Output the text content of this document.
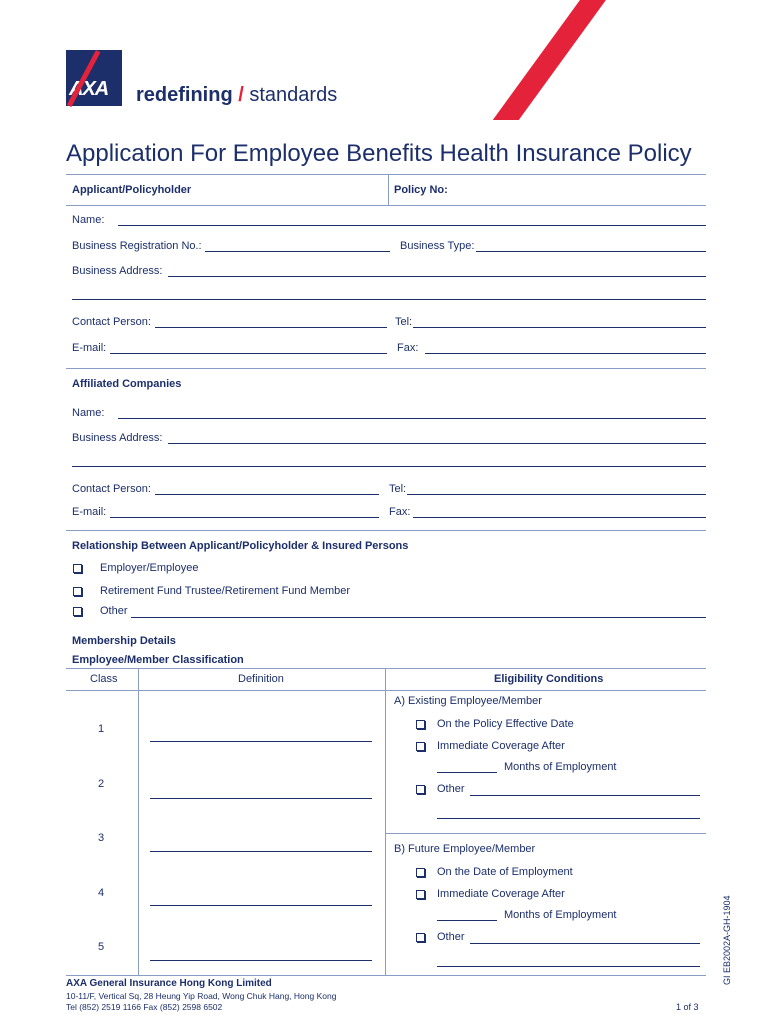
AXA redefining / standards
Application For Employee Benefits Health Insurance Policy
Applicant/Policyholder	Policy No:
Name:
Business Registration No.:	Business Type:
Business Address:
Contact Person:	Tel:
E-mail:	Fax:
Affiliated Companies
Name:
Business Address:
Contact Person:	Tel:
E-mail:	Fax:
Relationship Between Applicant/Policyholder & Insured Persons
Employer/Employee
Retirement Fund Trustee/Retirement Fund Member
Other
Membership Details
Employee/Member Classification
Class	Definition	Eligibility Conditions
1
2
3
4
5
A) Existing Employee/Member
On the Policy Effective Date
Immediate Coverage After
Months of Employment
Other
B) Future Employee/Member
On the Date of Employment
Immediate Coverage After
Months of Employment
Other
AXA General Insurance Hong Kong Limited
10-11/F, Vertical Sq, 28 Heung Yip Road, Wong Chuk Hang, Hong Kong
Tel (852) 2519 1166 Fax (852) 2598 6502	1 of 3
GI EB2002A-GH-1904
